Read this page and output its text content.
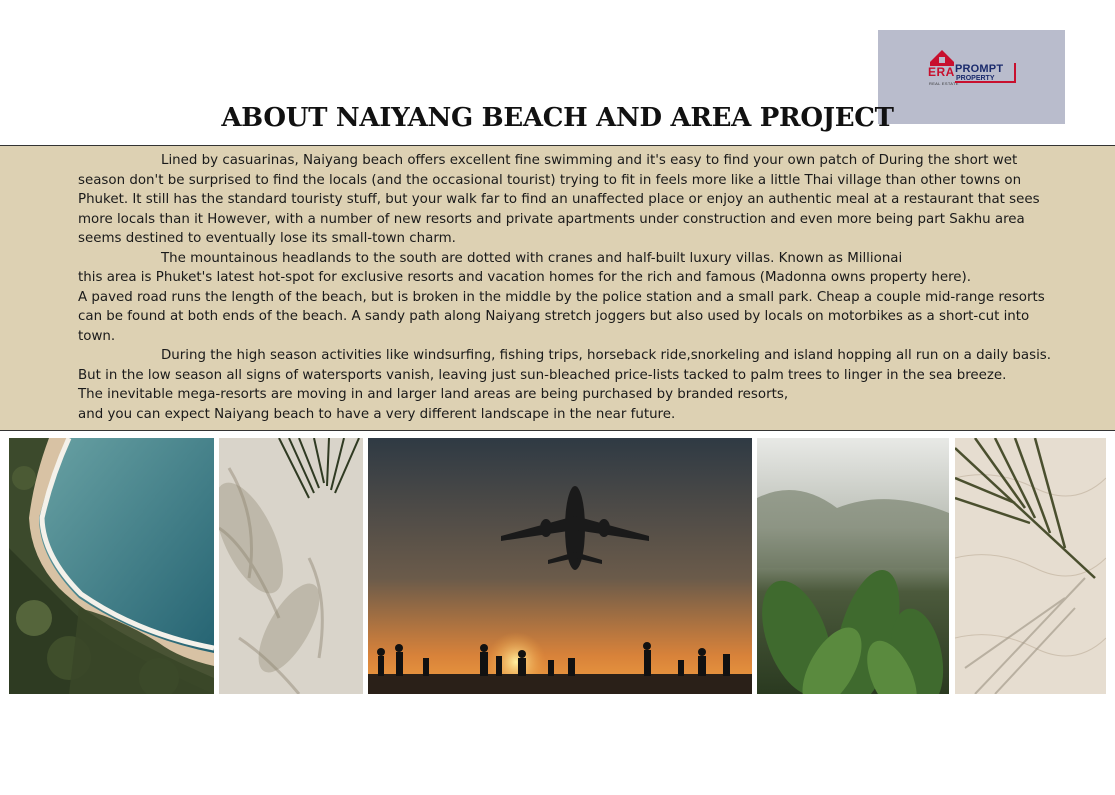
ERA
REAL ESTATE
PROMPT
PROPERTY
ABOUT NAIYANG BEACH AND AREA PROJECT

Lined by casuarinas, Naiyang beach offers excellent fine swimming and it's easy to find your own patch of During the short wet

season don't be surprised to find the locals (and the occasional tourist) trying to fit in feels more like a little Thai village than other towns on

Phuket. It still has the standard touristy stuff, but your walk far to find an unaffected place or enjoy an authentic meal at a restaurant that sees

more locals than it However, with a number of new resorts and private apartments under construction and even more being part Sakhu area

seems destined to eventually lose its small-town charm.

The mountainous headlands to the south are dotted with cranes and half-built luxury villas. Known as Millionai

this area is Phuket's latest hot-spot for exclusive resorts and vacation homes for the rich and famous (Madonna owns property here).

A paved road runs the length of the beach, but is broken in the middle by the police station and a small park. Cheap a couple mid-range resorts

can be found at both ends of the beach. A sandy path along Naiyang stretch joggers but also used by locals on motorbikes as a short-cut into

town.

During the high season activities like windsurfing, fishing trips, horseback ride,snorkeling and island hopping all run on a daily basis.

But in the low season all signs of watersports vanish, leaving just sun-bleached price-lists tacked to palm trees to linger in the sea breeze.

The inevitable mega-resorts are moving in and larger land areas are being purchased by branded resorts,

and you can expect Naiyang beach to have a very different landscape in the near future.
